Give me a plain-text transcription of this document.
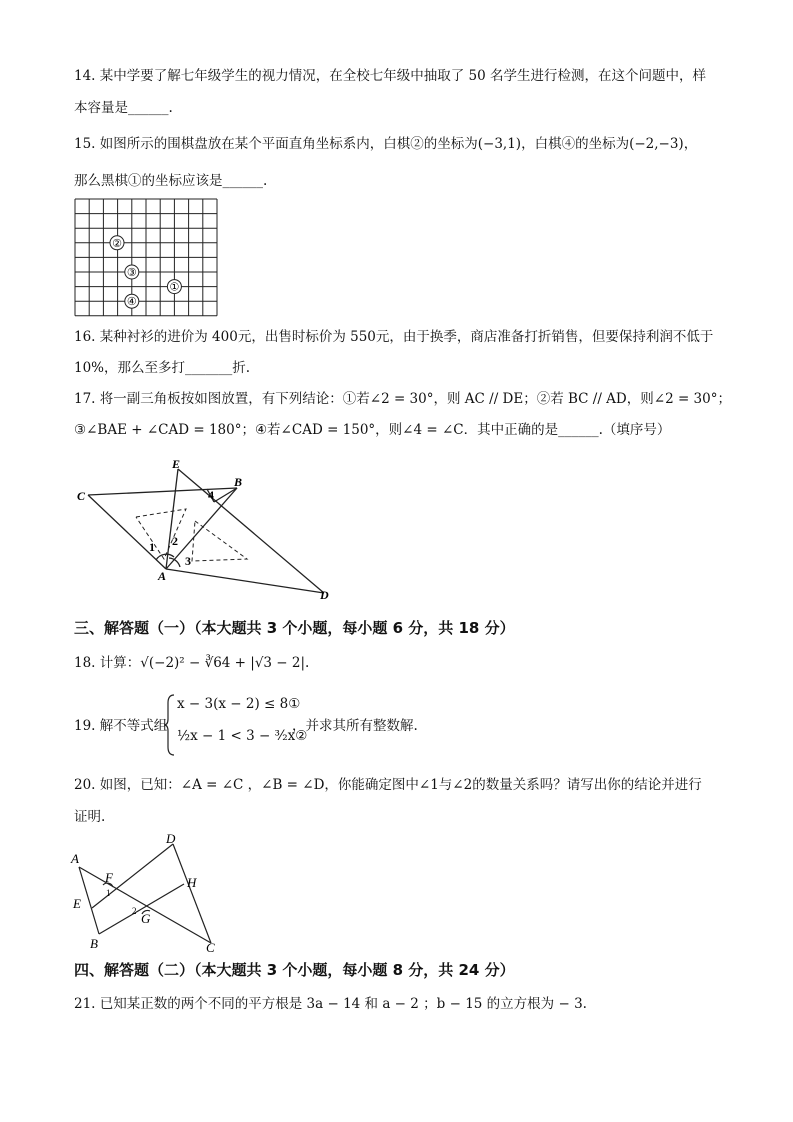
14. 某中学要了解七年级学生的视力情况，在全校七年级中抽取了 50 名学生进行检测，在这个问题中，样
本容量是______.
15. 如图所示的围棋盘放在某个平面直角坐标系内，白棋②的坐标为(−3,1)，白棋④的坐标为(−2,−3)，
那么黑棋①的坐标应该是______.
②
③
④
①
16. 某种衬衫的进价为 400元，出售时标价为 550元，由于换季，商店准备打折销售，但要保持利润不低于
10%，那么至多打_______折.
17. 将一副三角板按如图放置，有下列结论：①若∠2 = 30°，则 AC // DE；②若 BC // AD，则∠2 = 30°；
③∠BAE + ∠CAD = 180°；④若∠CAD = 150°，则∠4 = ∠C．其中正确的是______.（填序号）
E
B
C
A
D
1 2
3
4
三、解答题（一）（本大题共 3 个小题，每小题 6 分，共 18 分）
18. 计算：√(−2)² − ∛64 + |√3 − 2|.
19. 解不等式组
x − 3(x − 2) ≤ 8①
½x − 1 < 3 − ³⁄₂x②
，并求其所有整数解.
20. 如图，已知：∠A = ∠C ，∠B = ∠D，你能确定图中∠1与∠2的数量关系吗？请写出你的结论并进行
证明.
A
D
F	H
E
G
B	C
1
2
四、解答题（二）（本大题共 3 个小题，每小题 8 分，共 24 分）
21. 已知某正数的两个不同的平方根是 3a − 14 和 a − 2 ；b − 15 的立方根为 − 3.
